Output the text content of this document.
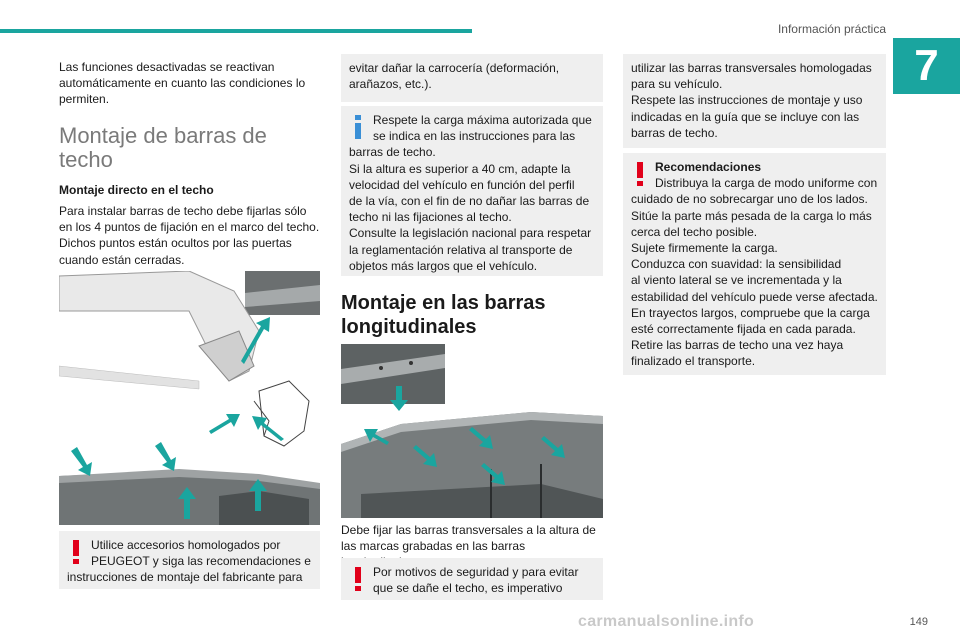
Información práctica
7

Las funciones desactivadas se reactivan

automáticamente en cuanto las condiciones lo

permiten.

Montaje de barras de

techo

Montaje directo en el techo

Para instalar barras de techo debe fijarlas sólo

en los 4 puntos de fijación en el marco del techo.

Dichos puntos están ocultos por las puertas

cuando están cerradas.

Utilice accesorios homologados por

PEUGEOT y siga las recomendaciones e

instrucciones de montaje del fabricante para

evitar dañar la carrocería (deformación,

arañazos, etc.).

Respete la carga máxima autorizada que

se indica en las instrucciones para las

barras de techo.

Si la altura es superior a 40 cm, adapte la

velocidad del vehículo en función del perfil

de la vía, con el fin de no dañar las barras de

techo ni las fijaciones al techo.

Consulte la legislación nacional para respetar

la reglamentación relativa al transporte de

objetos más largos que el vehículo.

Montaje en las barras

longitudinales

Debe fijar las barras transversales a la altura de

las marcas grabadas en las barras

Por motivos de seguridad y para evitar

que se dañe el techo, es imperativo

utilizar las barras transversales homologadas

para su vehículo.

Respete las instrucciones de montaje y uso

indicadas en la guía que se incluye con las

barras de techo.

Recomendaciones

Distribuya la carga de modo uniforme con

cuidado de no sobrecargar uno de los lados.

Sitúe la parte más pesada de la carga lo más

cerca del techo posible.

Sujete firmemente la carga.

Conduzca con suavidad: la sensibilidad

al viento lateral se ve incrementada y la

estabilidad del vehículo puede verse afectada.

En trayectos largos, compruebe que la carga

esté correctamente fijada en cada parada.

Retire las barras de techo una vez haya

finalizado el transporte.

carmanualsonline.info	149
